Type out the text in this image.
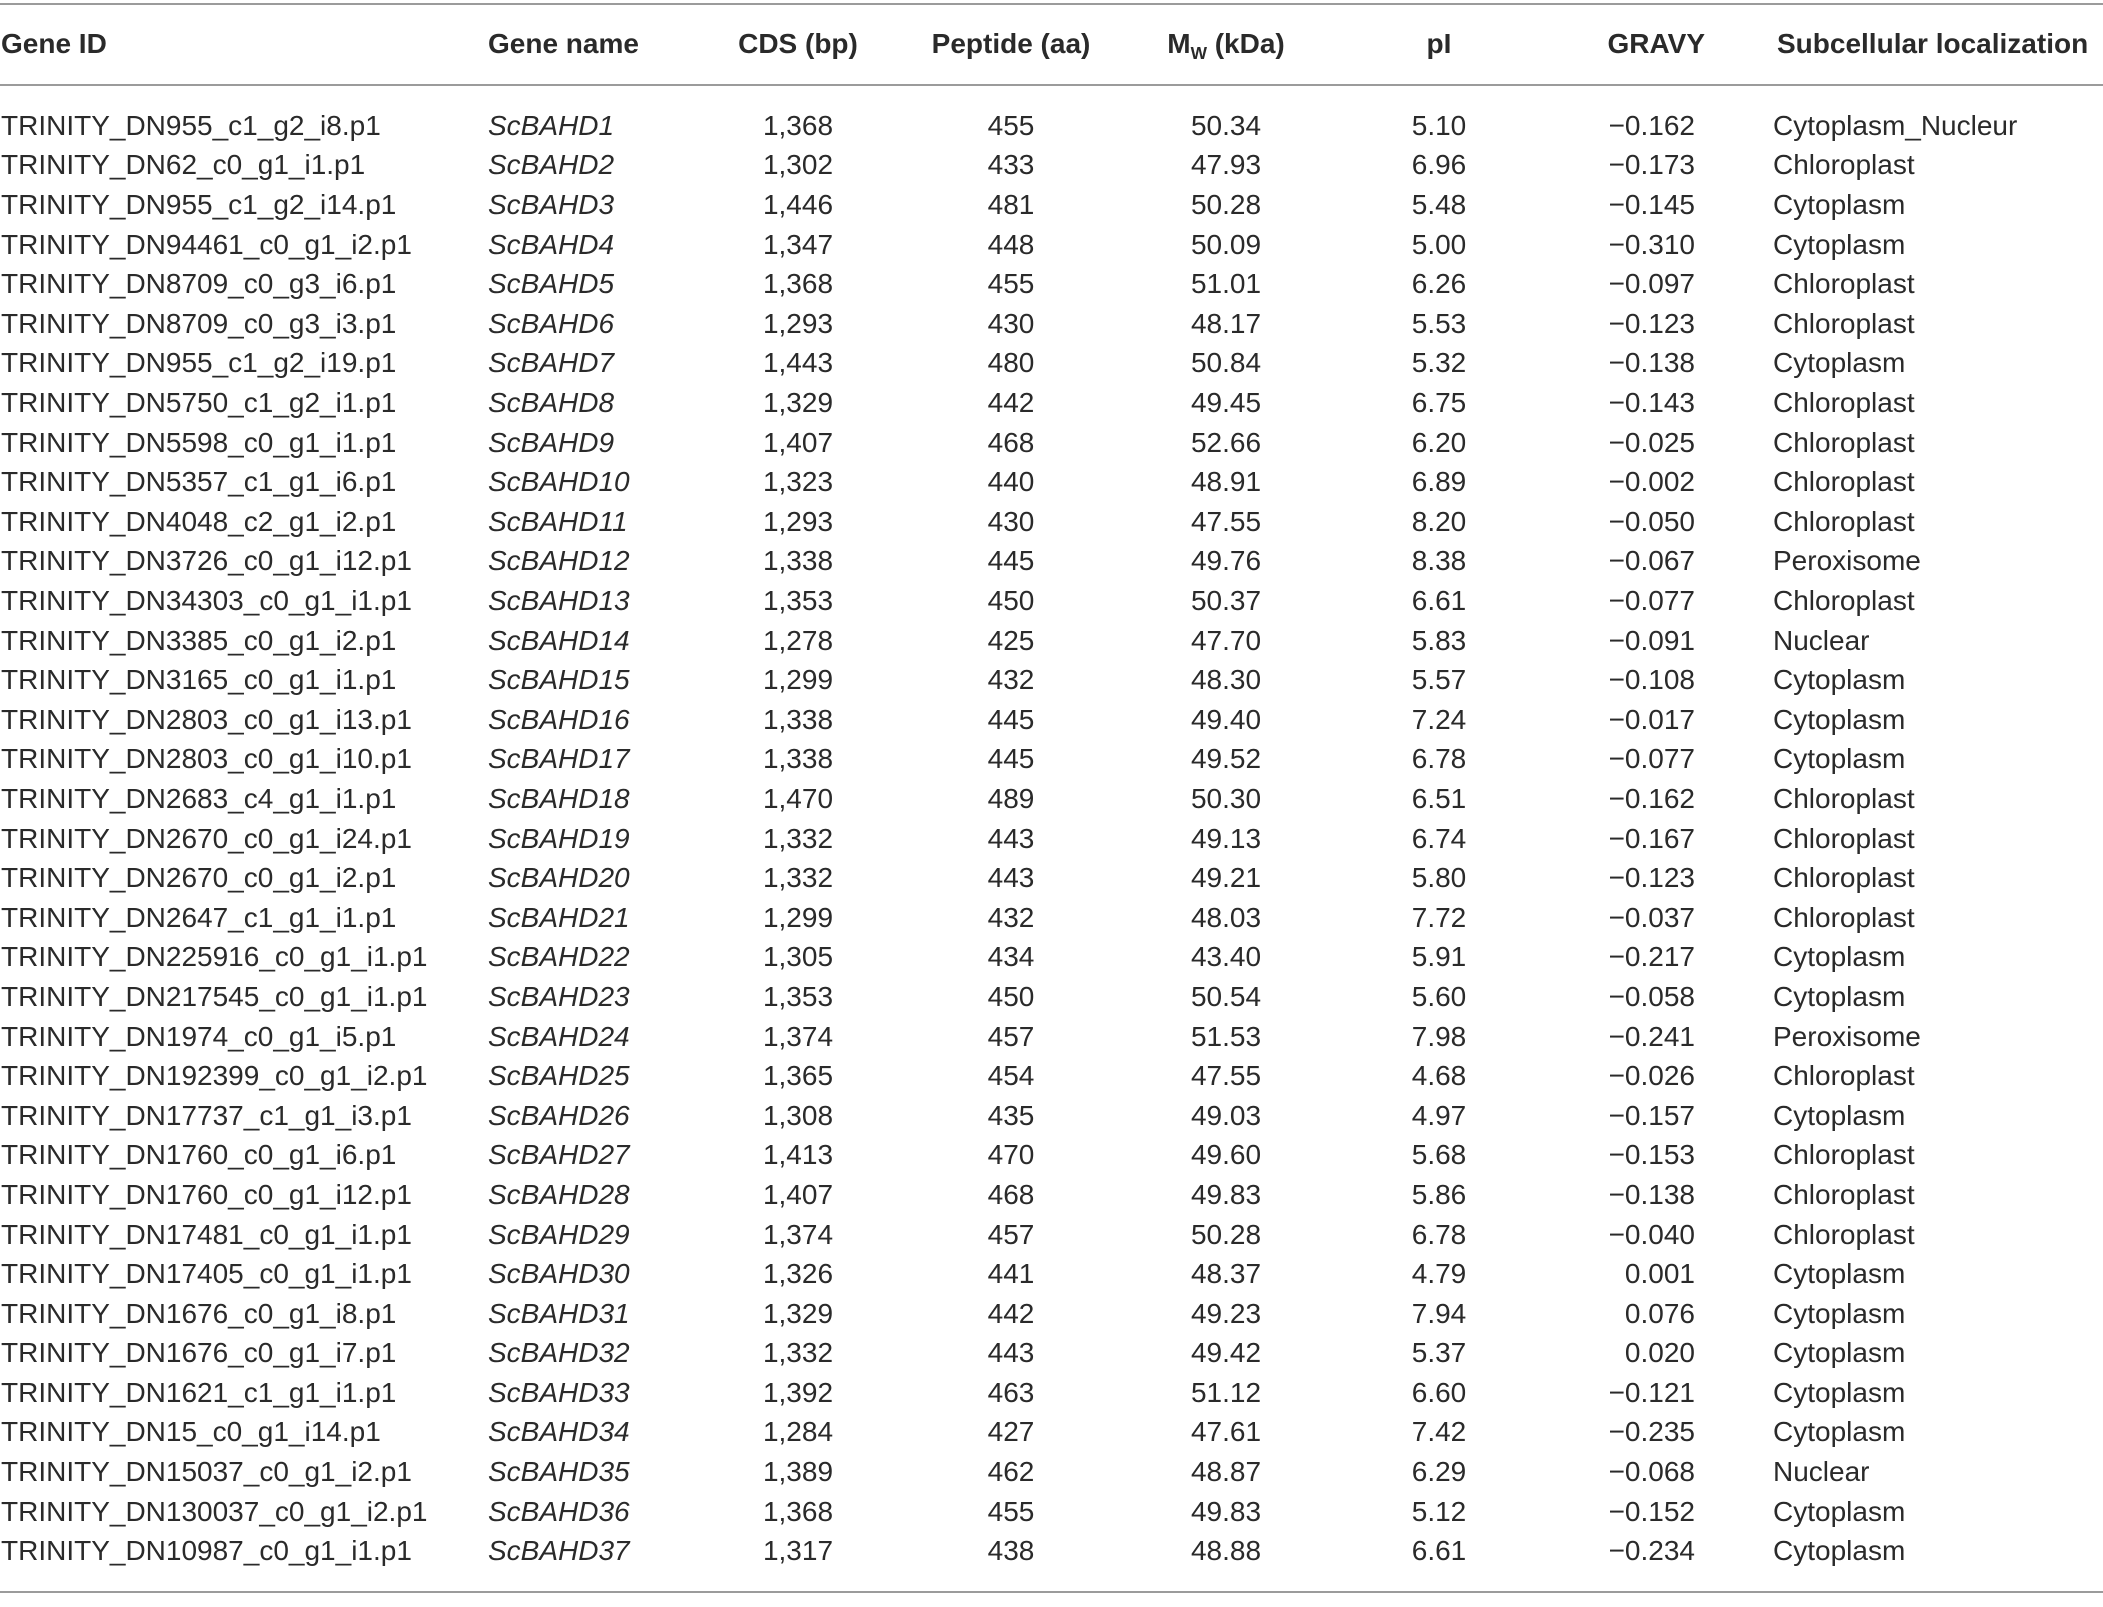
Gene ID	Gene name	CDS (bp)	Peptide (aa)	MW (kDa)	pI	GRAVY	Subcellular localization
TRINITY_DN955_c1_g2_i8.p1	ScBAHD1	1,368	455	50.34	5.10	−0.162	Cytoplasm_Nucleur
TRINITY_DN62_c0_g1_i1.p1	ScBAHD2	1,302	433	47.93	6.96	−0.173	Chloroplast
TRINITY_DN955_c1_g2_i14.p1	ScBAHD3	1,446	481	50.28	5.48	−0.145	Cytoplasm
TRINITY_DN94461_c0_g1_i2.p1	ScBAHD4	1,347	448	50.09	5.00	−0.310	Cytoplasm
TRINITY_DN8709_c0_g3_i6.p1	ScBAHD5	1,368	455	51.01	6.26	−0.097	Chloroplast
TRINITY_DN8709_c0_g3_i3.p1	ScBAHD6	1,293	430	48.17	5.53	−0.123	Chloroplast
TRINITY_DN955_c1_g2_i19.p1	ScBAHD7	1,443	480	50.84	5.32	−0.138	Cytoplasm
TRINITY_DN5750_c1_g2_i1.p1	ScBAHD8	1,329	442	49.45	6.75	−0.143	Chloroplast
TRINITY_DN5598_c0_g1_i1.p1	ScBAHD9	1,407	468	52.66	6.20	−0.025	Chloroplast
TRINITY_DN5357_c1_g1_i6.p1	ScBAHD10	1,323	440	48.91	6.89	−0.002	Chloroplast
TRINITY_DN4048_c2_g1_i2.p1	ScBAHD11	1,293	430	47.55	8.20	−0.050	Chloroplast
TRINITY_DN3726_c0_g1_i12.p1	ScBAHD12	1,338	445	49.76	8.38	−0.067	Peroxisome
TRINITY_DN34303_c0_g1_i1.p1	ScBAHD13	1,353	450	50.37	6.61	−0.077	Chloroplast
TRINITY_DN3385_c0_g1_i2.p1	ScBAHD14	1,278	425	47.70	5.83	−0.091	Nuclear
TRINITY_DN3165_c0_g1_i1.p1	ScBAHD15	1,299	432	48.30	5.57	−0.108	Cytoplasm
TRINITY_DN2803_c0_g1_i13.p1	ScBAHD16	1,338	445	49.40	7.24	−0.017	Cytoplasm
TRINITY_DN2803_c0_g1_i10.p1	ScBAHD17	1,338	445	49.52	6.78	−0.077	Cytoplasm
TRINITY_DN2683_c4_g1_i1.p1	ScBAHD18	1,470	489	50.30	6.51	−0.162	Chloroplast
TRINITY_DN2670_c0_g1_i24.p1	ScBAHD19	1,332	443	49.13	6.74	−0.167	Chloroplast
TRINITY_DN2670_c0_g1_i2.p1	ScBAHD20	1,332	443	49.21	5.80	−0.123	Chloroplast
TRINITY_DN2647_c1_g1_i1.p1	ScBAHD21	1,299	432	48.03	7.72	−0.037	Chloroplast
TRINITY_DN225916_c0_g1_i1.p1	ScBAHD22	1,305	434	43.40	5.91	−0.217	Cytoplasm
TRINITY_DN217545_c0_g1_i1.p1	ScBAHD23	1,353	450	50.54	5.60	−0.058	Cytoplasm
TRINITY_DN1974_c0_g1_i5.p1	ScBAHD24	1,374	457	51.53	7.98	−0.241	Peroxisome
TRINITY_DN192399_c0_g1_i2.p1	ScBAHD25	1,365	454	47.55	4.68	−0.026	Chloroplast
TRINITY_DN17737_c1_g1_i3.p1	ScBAHD26	1,308	435	49.03	4.97	−0.157	Cytoplasm
TRINITY_DN1760_c0_g1_i6.p1	ScBAHD27	1,413	470	49.60	5.68	−0.153	Chloroplast
TRINITY_DN1760_c0_g1_i12.p1	ScBAHD28	1,407	468	49.83	5.86	−0.138	Chloroplast
TRINITY_DN17481_c0_g1_i1.p1	ScBAHD29	1,374	457	50.28	6.78	−0.040	Chloroplast
TRINITY_DN17405_c0_g1_i1.p1	ScBAHD30	1,326	441	48.37	4.79	0.001	Cytoplasm
TRINITY_DN1676_c0_g1_i8.p1	ScBAHD31	1,329	442	49.23	7.94	0.076	Cytoplasm
TRINITY_DN1676_c0_g1_i7.p1	ScBAHD32	1,332	443	49.42	5.37	0.020	Cytoplasm
TRINITY_DN1621_c1_g1_i1.p1	ScBAHD33	1,392	463	51.12	6.60	−0.121	Cytoplasm
TRINITY_DN15_c0_g1_i14.p1	ScBAHD34	1,284	427	47.61	7.42	−0.235	Cytoplasm
TRINITY_DN15037_c0_g1_i2.p1	ScBAHD35	1,389	462	48.87	6.29	−0.068	Nuclear
TRINITY_DN130037_c0_g1_i2.p1	ScBAHD36	1,368	455	49.83	5.12	−0.152	Cytoplasm
TRINITY_DN10987_c0_g1_i1.p1	ScBAHD37	1,317	438	48.88	6.61	−0.234	Cytoplasm
